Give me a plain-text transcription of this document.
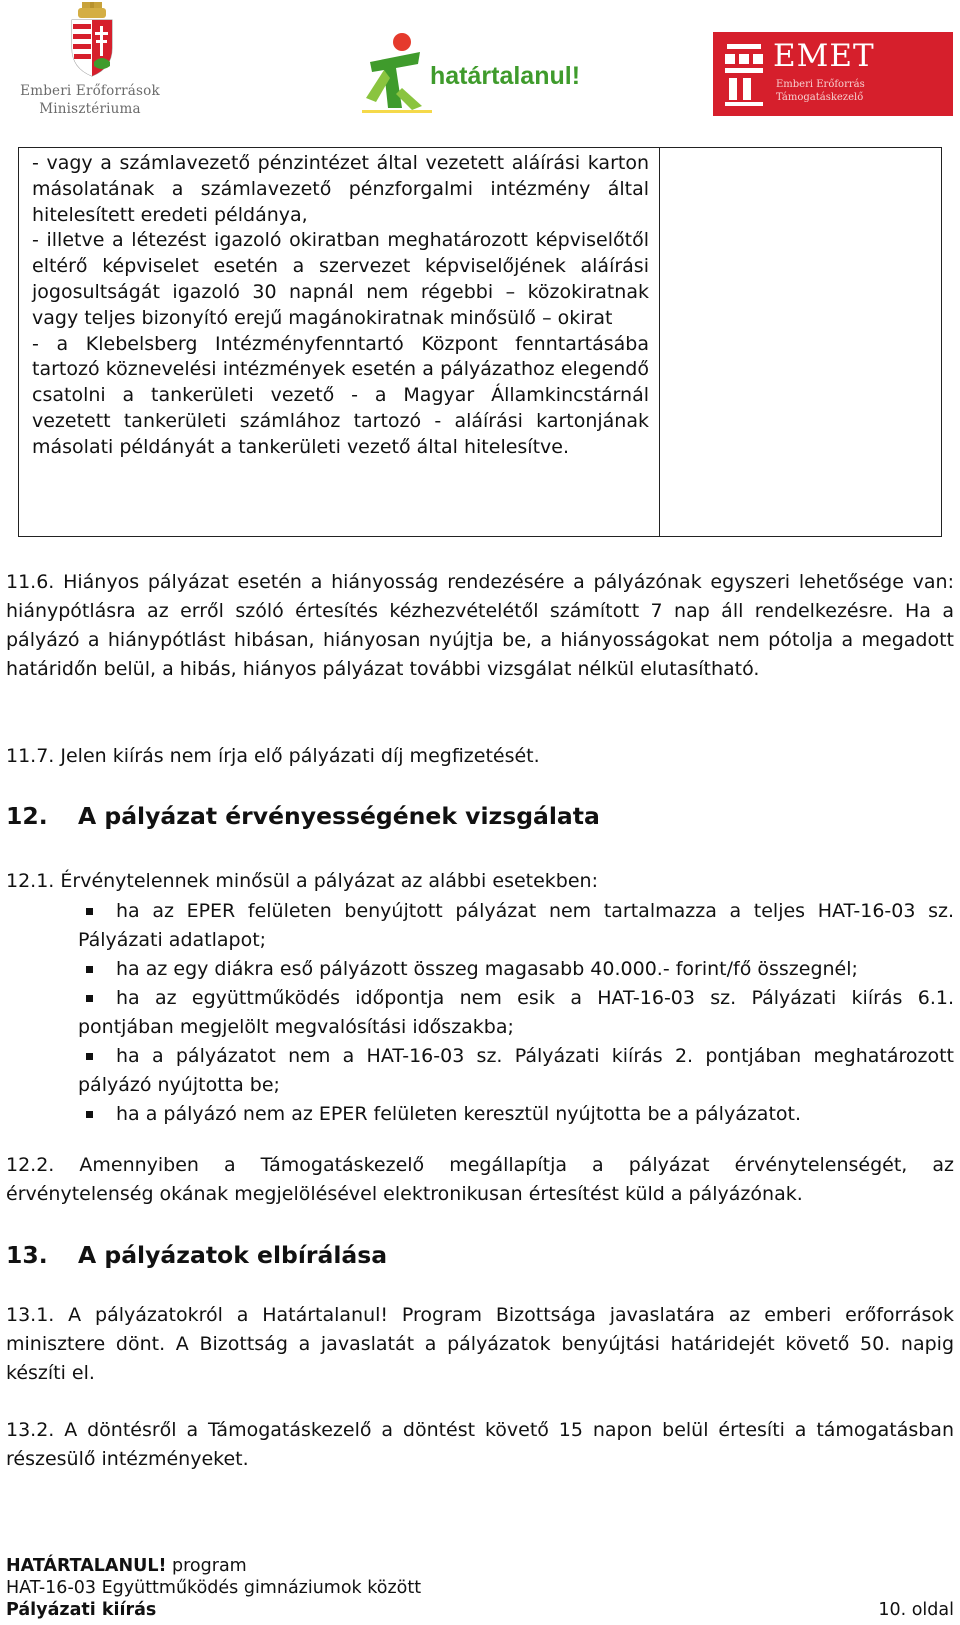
Emberi Erőforrások
Minisztériuma
határtalanul!
EMET
Emberi Erőforrás Támogatáskezelő

- vagy a számlavezető pénzintézet által vezetett aláírási karton másolatának a számlavezető pénzforgalmi intézmény által hitelesített eredeti példánya,

- illetve a létezést igazoló okiratban meghatározott képviselőtől eltérő képviselet esetén a szervezet képviselőjének aláírási jogosultságát igazoló 30 napnál nem régebbi – közokiratnak vagy teljes bizonyító erejű magánokiratnak minősülő – okirat

- a Klebelsberg Intézményfenntartó Központ fenntartásába tartozó köznevelési intézmények esetén a pályázathoz elegendő csatolni a tankerületi vezető - a Magyar Államkincstárnál vezetett tankerületi számlához tartozó - aláírási kartonjának másolati példányát a tankerületi vezető által hitelesítve.

11.6. Hiányos pályázat esetén a hiányosság rendezésére a pályázónak egyszeri lehetősége van: hiánypótlásra az erről szóló értesítés kézhezvételétől számított 7 nap áll rendelkezésre. Ha a pályázó a hiánypótlást hibásan, hiányosan nyújtja be, a hiányosságokat nem pótolja a megadott határidőn belül, a hibás, hiányos pályázat további vizsgálat nélkül elutasítható.

11.7. Jelen kiírás nem írja elő pályázati díj megfizetését.

12. A pályázat érvényességének vizsgálata

12.1. Érvénytelennek minősül a pályázat az alábbi esetekben:

ha az EPER felületen benyújtott pályázat nem tartalmazza a teljes HAT-16-03 sz. Pályázati adatlapot;
ha az egy diákra eső pályázott összeg magasabb 40.000.- forint/fő összegnél;
ha az együttműködés időpontja nem esik a HAT-16-03 sz. Pályázati kiírás 6.1. pontjában megjelölt megvalósítási időszakba;
ha a pályázatot nem a HAT-16-03 sz. Pályázati kiírás 2. pontjában meghatározott pályázó nyújtotta be;
ha a pályázó nem az EPER felületen keresztül nyújtotta be a pályázatot.

12.2. Amennyiben a Támogatáskezelő megállapítja a pályázat érvénytelenségét, az érvénytelenség okának megjelölésével elektronikusan értesítést küld a pályázónak.

13. A pályázatok elbírálása

13.1. A pályázatokról a Határtalanul! Program Bizottsága javaslatára az emberi erőforrások minisztere dönt. A Bizottság a javaslatát a pályázatok benyújtási határidejét követő 50. napig készíti el.

13.2. A döntésről a Támogatáskezelő a döntést követő 15 napon belül értesíti a támogatásban részesülő intézményeket.

HATÁRTALANUL! program
HAT-16-03 Együttműködés gimnáziumok között
Pályázati kiírás	10. oldal
